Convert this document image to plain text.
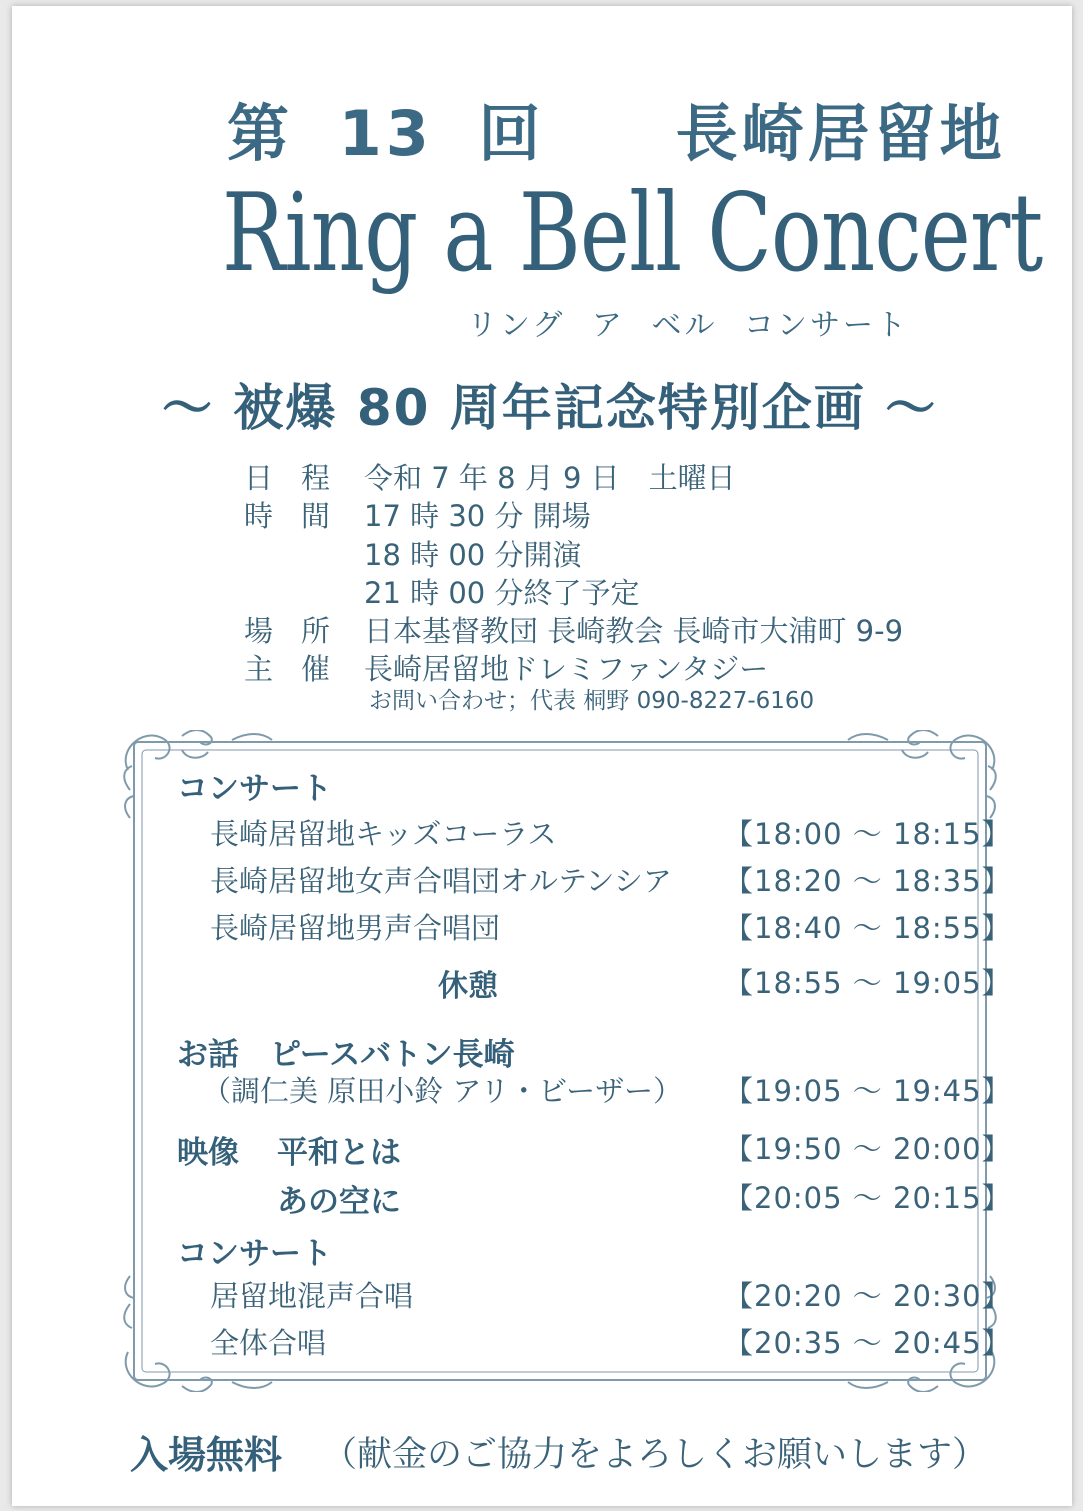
第 13 回 長崎居留地
Ring a Bell Concert
リング ア ベル コンサート
～ 被爆 80 周年記念特別企画 ～
日程 令和 7 年 8 月 9 日　土曜日
時間 17 時 30 分 開場
18 時 00 分開演
21 時 00 分終了予定
場所 日本基督教団 長崎教会 長崎市大浦町 9-9
主催 長崎居留地ドレミファンタジー
お問い合わせ；代表 桐野 090-8227-6160
コンサート
長崎居留地キッズコーラス	【18:00 ～ 18:15】
長崎居留地女声合唱団オルテンシア 【18:20 ～ 18:35】
長崎居留地男声合唱団	【18:40 ～ 18:55】
休憩	【18:55 ～ 19:05】
お話　ピースバトン長崎
（調仁美 原田小鈴 アリ・ビーザー） 【19:05 ～ 19:45】
映像 平和とは	【19:50 ～ 20:00】
あの空に	【20:05 ～ 20:15】
コンサート
居留地混声合唱	【20:20 ～ 20:30】
全体合唱	【20:35 ～ 20:45】
入場無料 （献金のご協力をよろしくお願いします）
